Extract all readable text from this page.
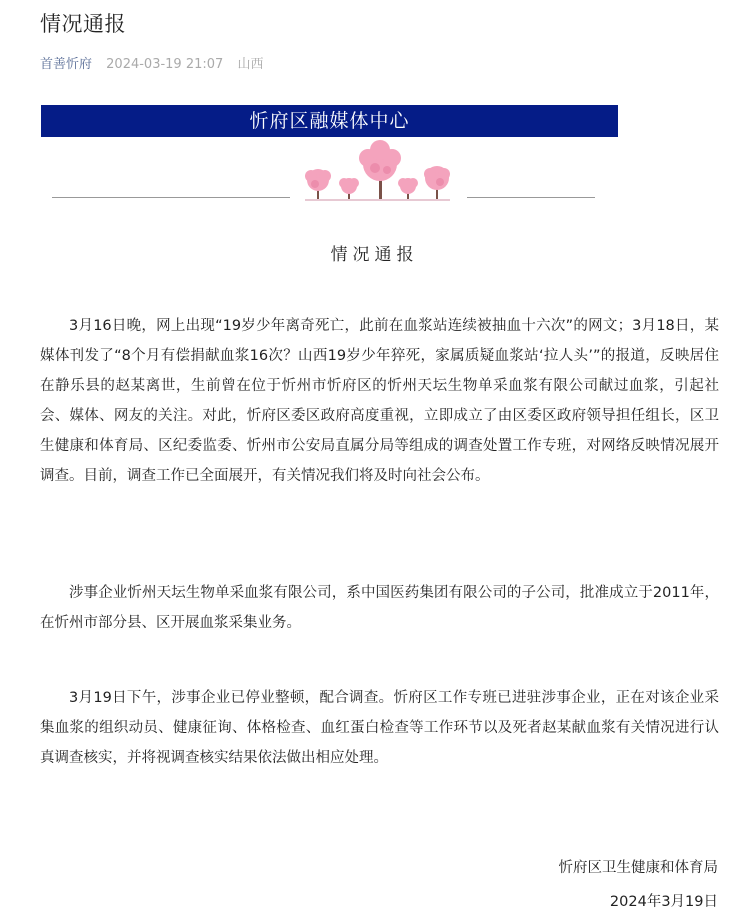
情况通报
首善忻府 2024-03-19 21:07 山西
忻府区融媒体中心
情况通报

3月16日晚，网上出现“19岁少年离奇死亡，此前在血浆站连续被抽血十六次”的网文；3月18日，某媒体刊发了“8个月有偿捐献血浆16次？山西19岁少年猝死，家属质疑血浆站‘拉人头’”的报道，反映居住在静乐县的赵某离世，生前曾在位于忻州市忻府区的忻州天坛生物单采血浆有限公司献过血浆，引起社会、媒体、网友的关注。对此，忻府区委区政府高度重视，立即成立了由区委区政府领导担任组长，区卫生健康和体育局、区纪委监委、忻州市公安局直属分局等组成的调查处置工作专班，对网络反映情况展开调查。目前，调查工作已全面展开，有关情况我们将及时向社会公布。

涉事企业忻州天坛生物单采血浆有限公司，系中国医药集团有限公司的子公司，批准成立于2011年，在忻州市部分县、区开展血浆采集业务。

3月19日下午，涉事企业已停业整顿，配合调查。忻府区工作专班已进驻涉事企业，正在对该企业采集血浆的组织动员、健康征询、体格检查、血红蛋白检查等工作环节以及死者赵某献血浆有关情况进行认真调查核实，并将视调查核实结果依法做出相应处理。

忻府区卫生健康和体育局
2024年3月19日
